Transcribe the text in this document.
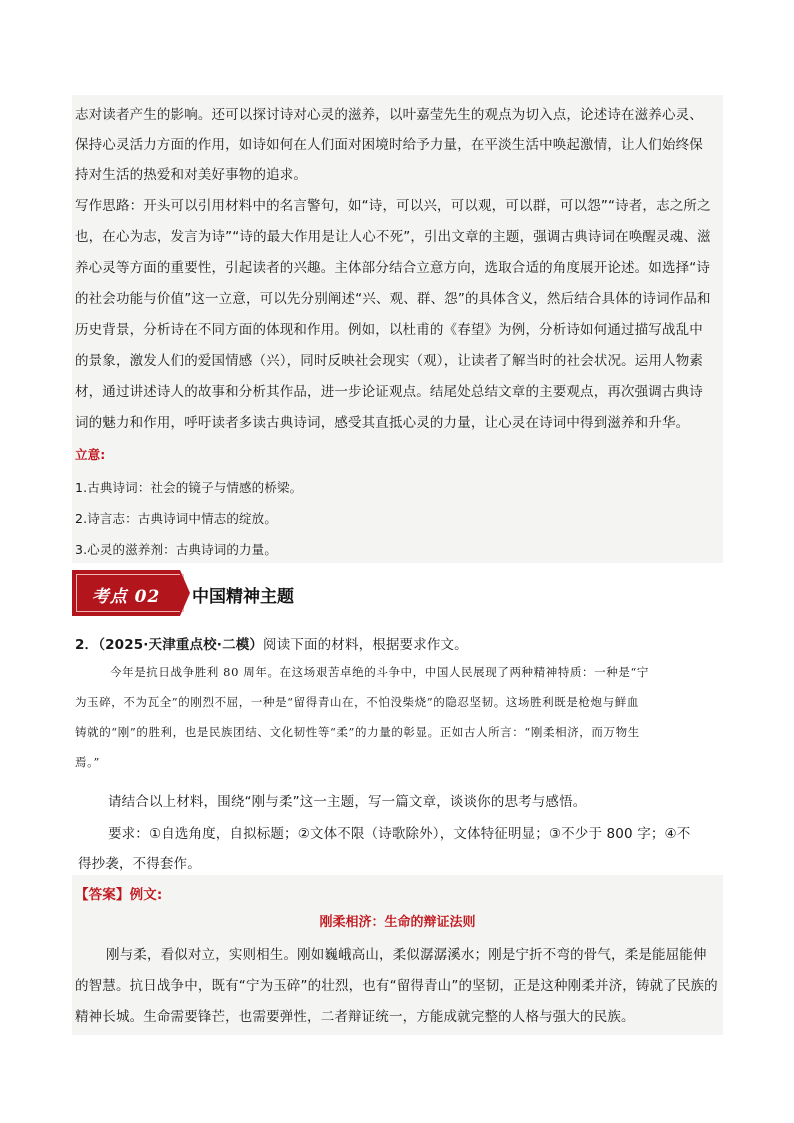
志对读者产生的影响。还可以探讨诗对心灵的滋养，以叶嘉莹先生的观点为切入点，论述诗在滋养心灵、
保持心灵活力方面的作用，如诗如何在人们面对困境时给予力量，在平淡生活中唤起激情，让人们始终保
持对生活的热爱和对美好事物的追求。
写作思路：开头可以引用材料中的名言警句，如“诗，可以兴，可以观，可以群，可以怨”“诗者，志之所之
也，在心为志，发言为诗”“诗的最大作用是让人心不死”，引出文章的主题，强调古典诗词在唤醒灵魂、滋
养心灵等方面的重要性，引起读者的兴趣。主体部分结合立意方向，选取合适的角度展开论述。如选择“诗
的社会功能与价值”这一立意，可以先分别阐述“兴、观、群、怨”的具体含义，然后结合具体的诗词作品和
历史背景，分析诗在不同方面的体现和作用。例如，以杜甫的《春望》为例，分析诗如何通过描写战乱中
的景象，激发人们的爱国情感（兴），同时反映社会现实（观），让读者了解当时的社会状况。运用人物素
材，通过讲述诗人的故事和分析其作品，进一步论证观点。结尾处总结文章的主要观点，再次强调古典诗
词的魅力和作用，呼吁读者多读古典诗词，感受其直抵心灵的力量，让心灵在诗词中得到滋养和升华。
立意:
1.古典诗词：社会的镜子与情感的桥梁。
2.诗言志：古典诗词中情志的绽放。
3.心灵的滋养剂：古典诗词的力量。
考点 02	中国精神主题
2．（2025·天津重点校·二模）阅读下面的材料，根据要求作文。
今年是抗日战争胜利 80 周年。在这场艰苦卓绝的斗争中，中国人民展现了两种精神特质：一种是“宁
为玉碎，不为瓦全”的刚烈不屈，一种是“留得青山在，不怕没柴烧”的隐忍坚韧。这场胜利既是枪炮与鲜血
铸就的“刚”的胜利，也是民族团结、文化韧性等“柔”的力量的彰显。正如古人所言：“刚柔相济，而万物生
焉。”
请结合以上材料，围绕“刚与柔”这一主题，写一篇文章，谈谈你的思考与感悟。
要求：①自选角度，自拟标题；②文体不限（诗歌除外），文体特征明显；③不少于 800 字；④不
得抄袭，不得套作。
【答案】例文:
刚柔相济：生命的辩证法则
刚与柔，看似对立，实则相生。刚如巍峨高山，柔似潺潺溪水；刚是宁折不弯的骨气，柔是能屈能伸
的智慧。抗日战争中，既有“宁为玉碎”的壮烈，也有“留得青山”的坚韧，正是这种刚柔并济，铸就了民族的
精神长城。生命需要锋芒，也需要弹性，二者辩证统一，方能成就完整的人格与强大的民族。
